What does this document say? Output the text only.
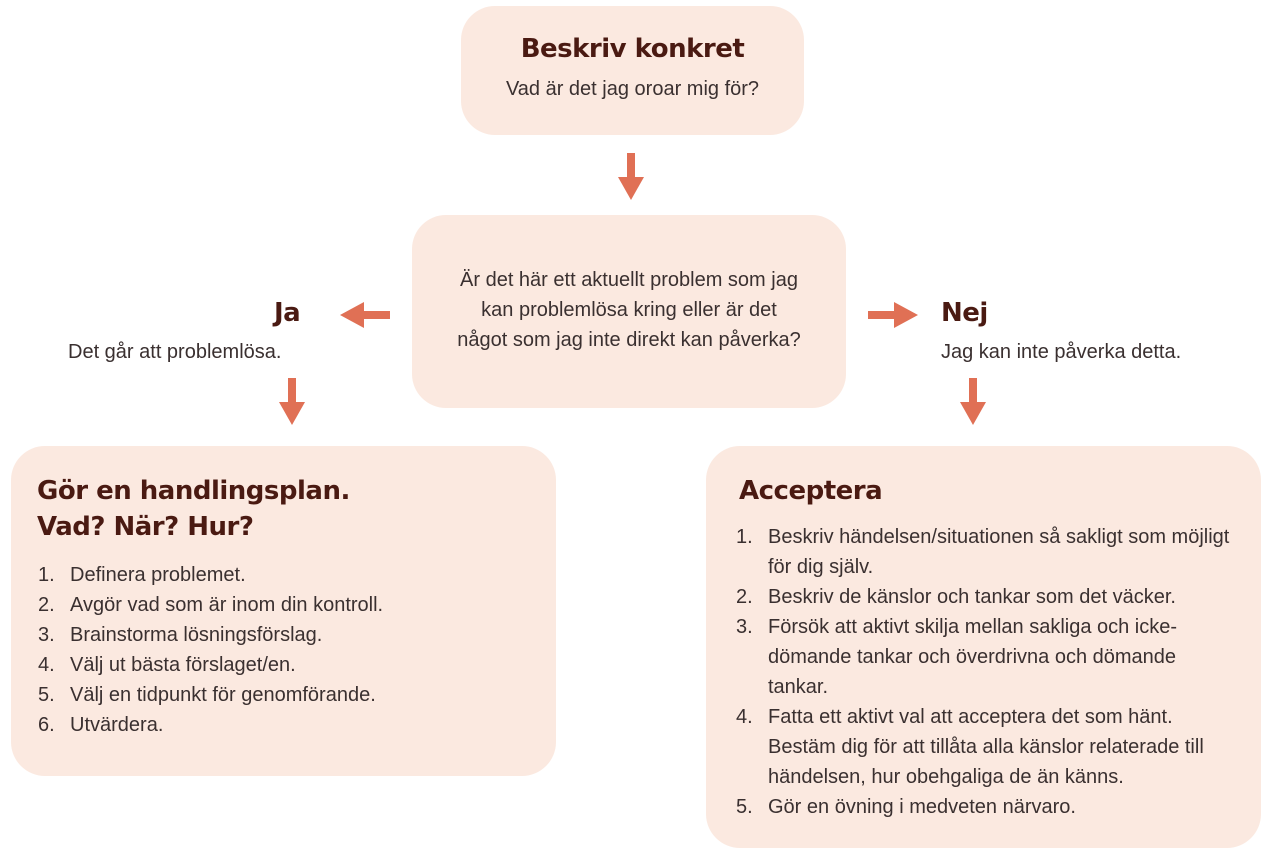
Beskriv konkret
Vad är det jag oroar mig för?
Är det här ett aktuellt problem som jag
kan problemlösa kring eller är det
något som jag inte direkt kan påverka?
Ja
Det går att problemlösa.
Nej
Jag kan inte påverka detta.
Gör en handlingsplan.
Vad? När? Hur?
1. Definera problemet.
2. Avgör vad som är inom din kontroll.
3. Brainstorma lösningsförslag.
4. Välj ut bästa förslaget/en.
5. Välj en tidpunkt för genomförande.
6. Utvärdera.
Acceptera
1. Beskriv händelsen/situationen så sakligt som möjligt för dig själv.
2. Beskriv de känslor och tankar som det väcker.
3. Försök att aktivt skilja mellan sakliga och icke-dömande tankar och överdrivna och dömande tankar.
4. Fatta ett aktivt val att acceptera det som hänt. Bestäm dig för att tillåta alla känslor relaterade till händelsen, hur obehgaliga de än känns.
5. Gör en övning i medveten närvaro.
